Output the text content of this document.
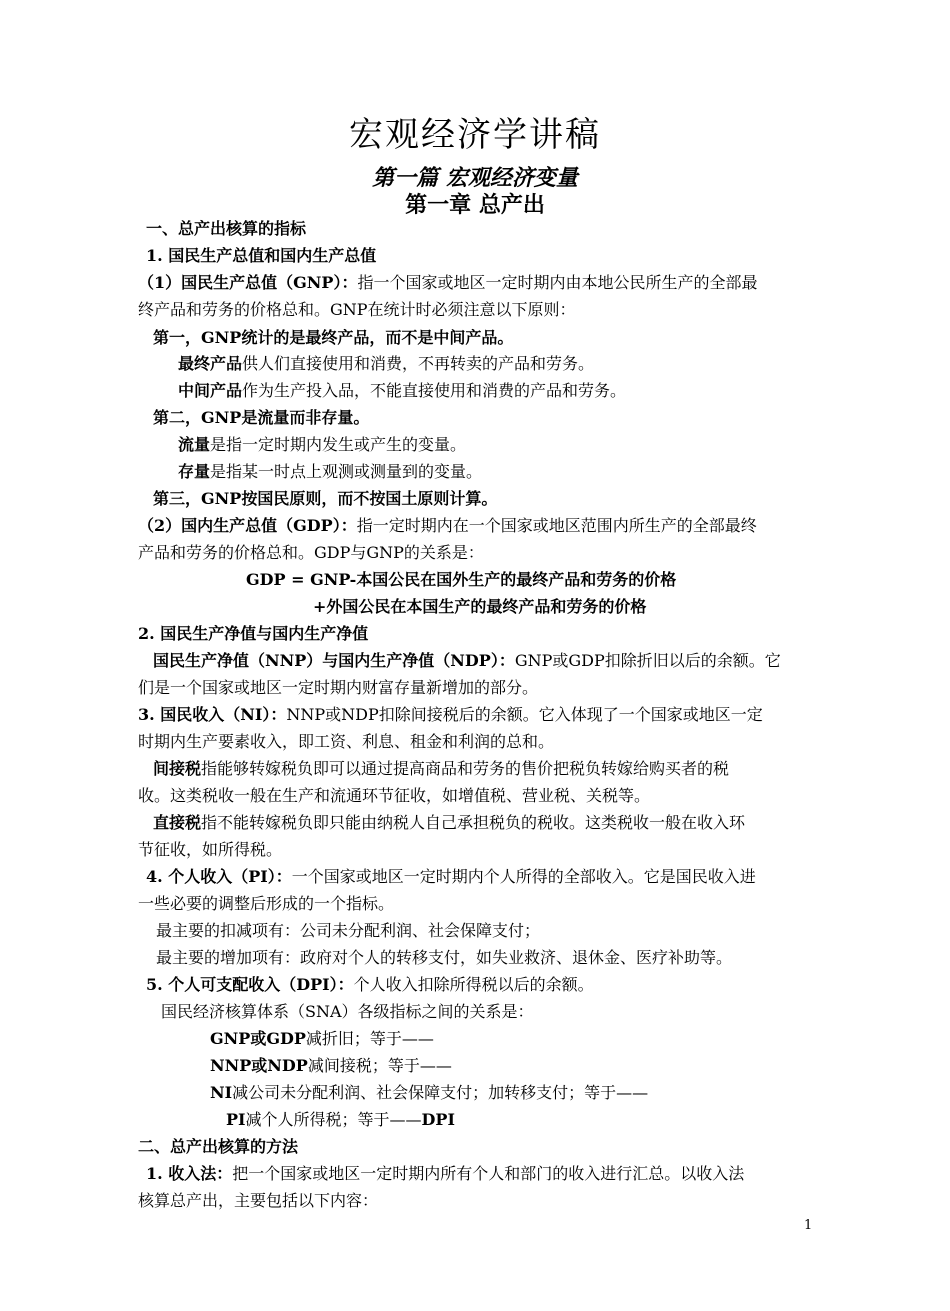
宏观经济学讲稿
第一篇 宏观经济变量
第一章 总产出
一、总产出核算的指标
1. 国民生产总值和国内生产总值
（1）国民生产总值（GNP）：指一个国家或地区一定时期内由本地公民所生产的全部最
终产品和劳务的价格总和。GNP在统计时必须注意以下原则：
第一，GNP统计的是最终产品，而不是中间产品。
最终产品供人们直接使用和消费，不再转卖的产品和劳务。
中间产品作为生产投入品，不能直接使用和消费的产品和劳务。
第二，GNP是流量而非存量。
流量是指一定时期内发生或产生的变量。
存量是指某一时点上观测或测量到的变量。
第三，GNP按国民原则，而不按国土原则计算。
（2）国内生产总值（GDP）：指一定时期内在一个国家或地区范围内所生产的全部最终
产品和劳务的价格总和。GDP与GNP的关系是：
GDP = GNP-本国公民在国外生产的最终产品和劳务的价格
+外国公民在本国生产的最终产品和劳务的价格
2. 国民生产净值与国内生产净值
国民生产净值（NNP）与国内生产净值（NDP）：GNP或GDP扣除折旧以后的余额。它
们是一个国家或地区一定时期内财富存量新增加的部分。
3. 国民收入（NI）：NNP或NDP扣除间接税后的余额。它入体现了一个国家或地区一定
时期内生产要素收入，即工资、利息、租金和利润的总和。
间接税指能够转嫁税负即可以通过提高商品和劳务的售价把税负转嫁给购买者的税
收。这类税收一般在生产和流通环节征收，如增值税、营业税、关税等。
直接税指不能转嫁税负即只能由纳税人自己承担税负的税收。这类税收一般在收入环
节征收，如所得税。
4. 个人收入（PI）：一个国家或地区一定时期内个人所得的全部收入。它是国民收入进
一些必要的调整后形成的一个指标。
最主要的扣减项有：公司未分配利润、社会保障支付；
最主要的增加项有：政府对个人的转移支付，如失业救济、退休金、医疗补助等。
5. 个人可支配收入（DPI）：个人收入扣除所得税以后的余额。
国民经济核算体系（SNA）各级指标之间的关系是：
GNP或GDP减折旧；等于——
NNP或NDP减间接税；等于——
NI减公司未分配利润、社会保障支付；加转移支付；等于——
PI减个人所得税；等于——DPI
二、总产出核算的方法
1. 收入法：把一个国家或地区一定时期内所有个人和部门的收入进行汇总。以收入法
核算总产出，主要包括以下内容：
1
